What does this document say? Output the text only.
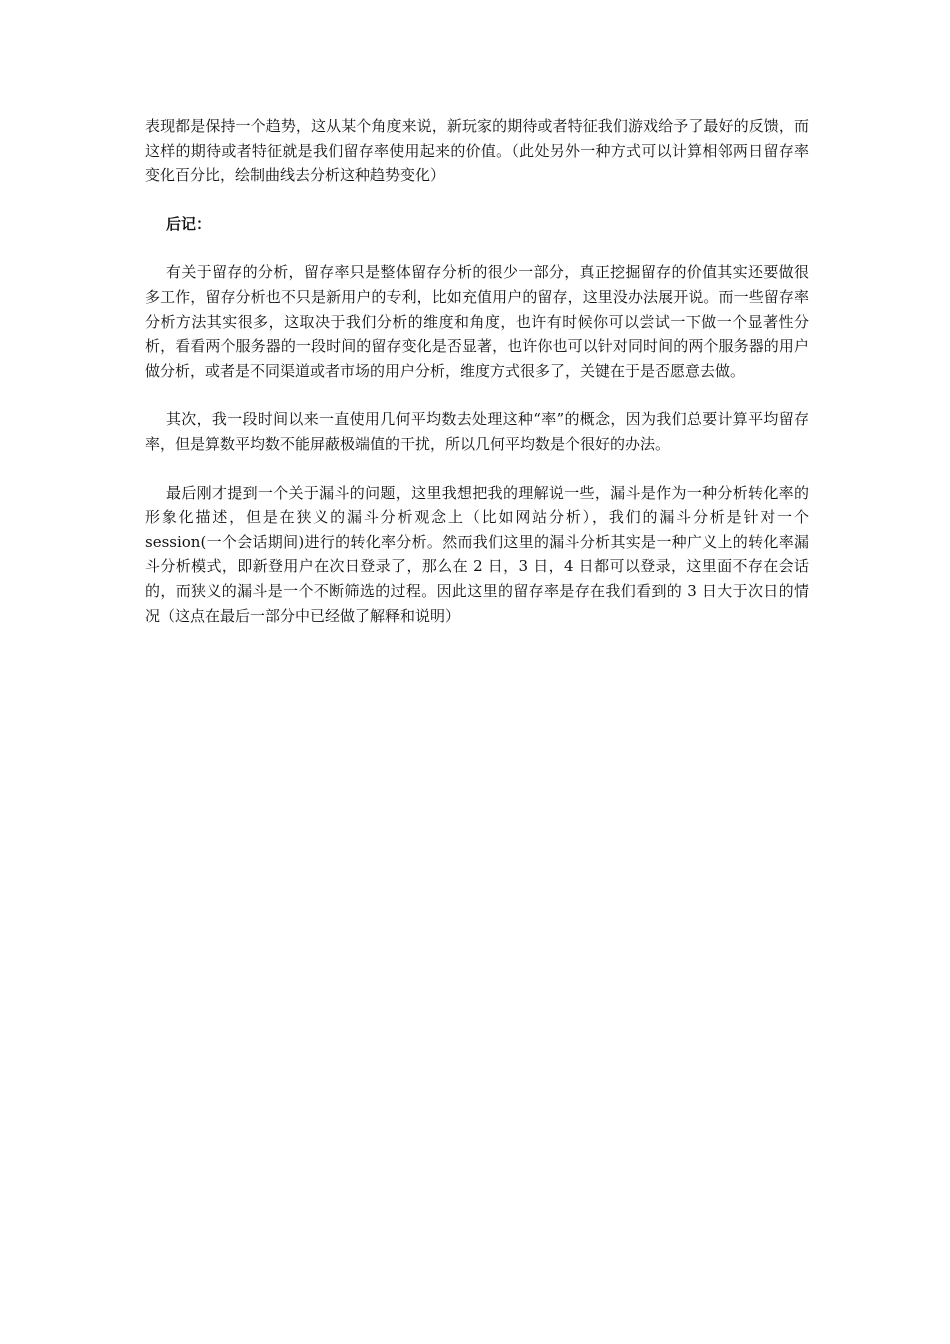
表现都是保持一个趋势，这从某个角度来说，新玩家的期待或者特征我们游戏给予了最好的反馈，而这样的期待或者特征就是我们留存率使用起来的价值。（此处另外一种方式可以计算相邻两日留存率变化百分比，绘制曲线去分析这种趋势变化）

后记：

有关于留存的分析，留存率只是整体留存分析的很少一部分，真正挖掘留存的价值其实还要做很多工作，留存分析也不只是新用户的专利，比如充值用户的留存，这里没办法展开说。而一些留存率分析方法其实很多，这取决于我们分析的维度和角度，也许有时候你可以尝试一下做一个显著性分析，看看两个服务器的一段时间的留存变化是否显著，也许你也可以针对同时间的两个服务器的用户做分析，或者是不同渠道或者市场的用户分析，维度方式很多了，关键在于是否愿意去做。

其次，我一段时间以来一直使用几何平均数去处理这种“率”的概念，因为我们总要计算平均留存率，但是算数平均数不能屏蔽极端值的干扰，所以几何平均数是个很好的办法。

最后刚才提到一个关于漏斗的问题，这里我想把我的理解说一些，漏斗是作为一种分析转化率的形象化描述，但是在狭义的漏斗分析观念上（比如网站分析），我们的漏斗分析是针对一个 session(一个会话期间)进行的转化率分析。然而我们这里的漏斗分析其实是一种广义上的转化率漏斗分析模式，即新登用户在次日登录了，那么在 2 日，3 日，4 日都可以登录，这里面不存在会话的，而狭义的漏斗是一个不断筛选的过程。因此这里的留存率是存在我们看到的 3 日大于次日的情况（这点在最后一部分中已经做了解释和说明）
